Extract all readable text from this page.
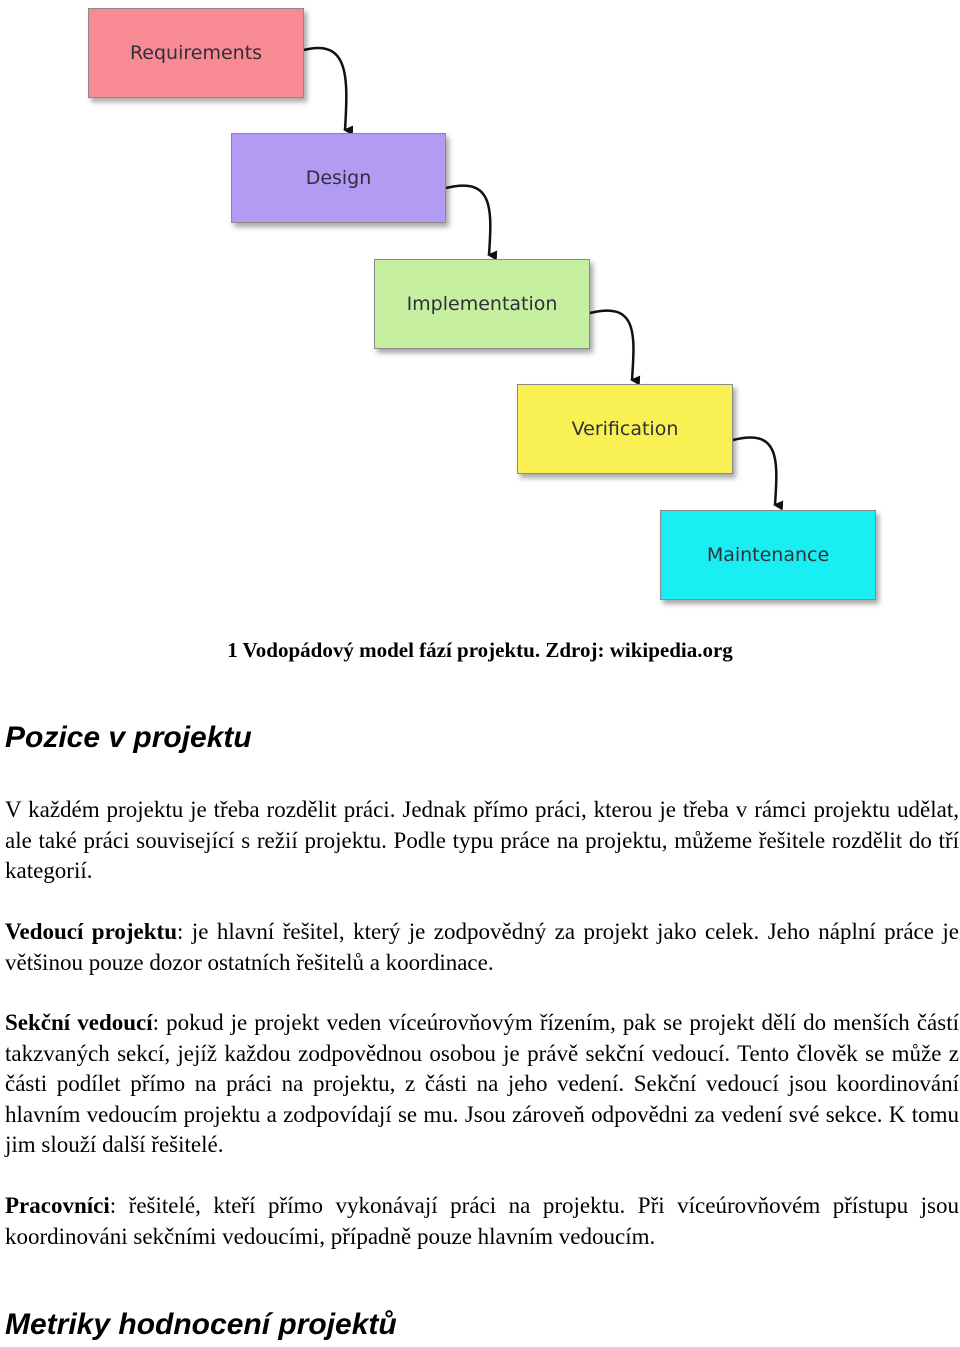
Requirements
Design
Implementation
Verification
Maintenance
1 Vodopádový model fází projektu. Zdroj: wikipedia.org
Pozice v projektu

V každém projektu je třeba rozdělit práci. Jednak přímo práci, kterou je třeba v rámci projektu udělat, ale také práci související s režií projektu. Podle typu práce na projektu, můžeme řešitele rozdělit do tří kategorií.

Vedoucí projektu: je hlavní řešitel, který je zodpovědný za projekt jako celek. Jeho náplní práce je většinou pouze dozor ostatních řešitelů a koordinace.

Sekční vedoucí: pokud je projekt veden víceúrovňovým řízením, pak se projekt dělí do menších částí takzvaných sekcí, jejíž každou zodpovědnou osobou je právě sekční vedoucí. Tento člověk se může z části podílet přímo na práci na projektu, z části na jeho vedení. Sekční vedoucí jsou koordinování hlavním vedoucím projektu a zodpovídají se mu. Jsou zároveň odpovědni za vedení své sekce. K tomu jim slouží další řešitelé.

Pracovníci: řešitelé, kteří přímo vykonávají práci na projektu. Při víceúrovňovém přístupu jsou koordinováni sekčními vedoucími, případně pouze hlavním vedoucím.

Metriky hodnocení projektů
